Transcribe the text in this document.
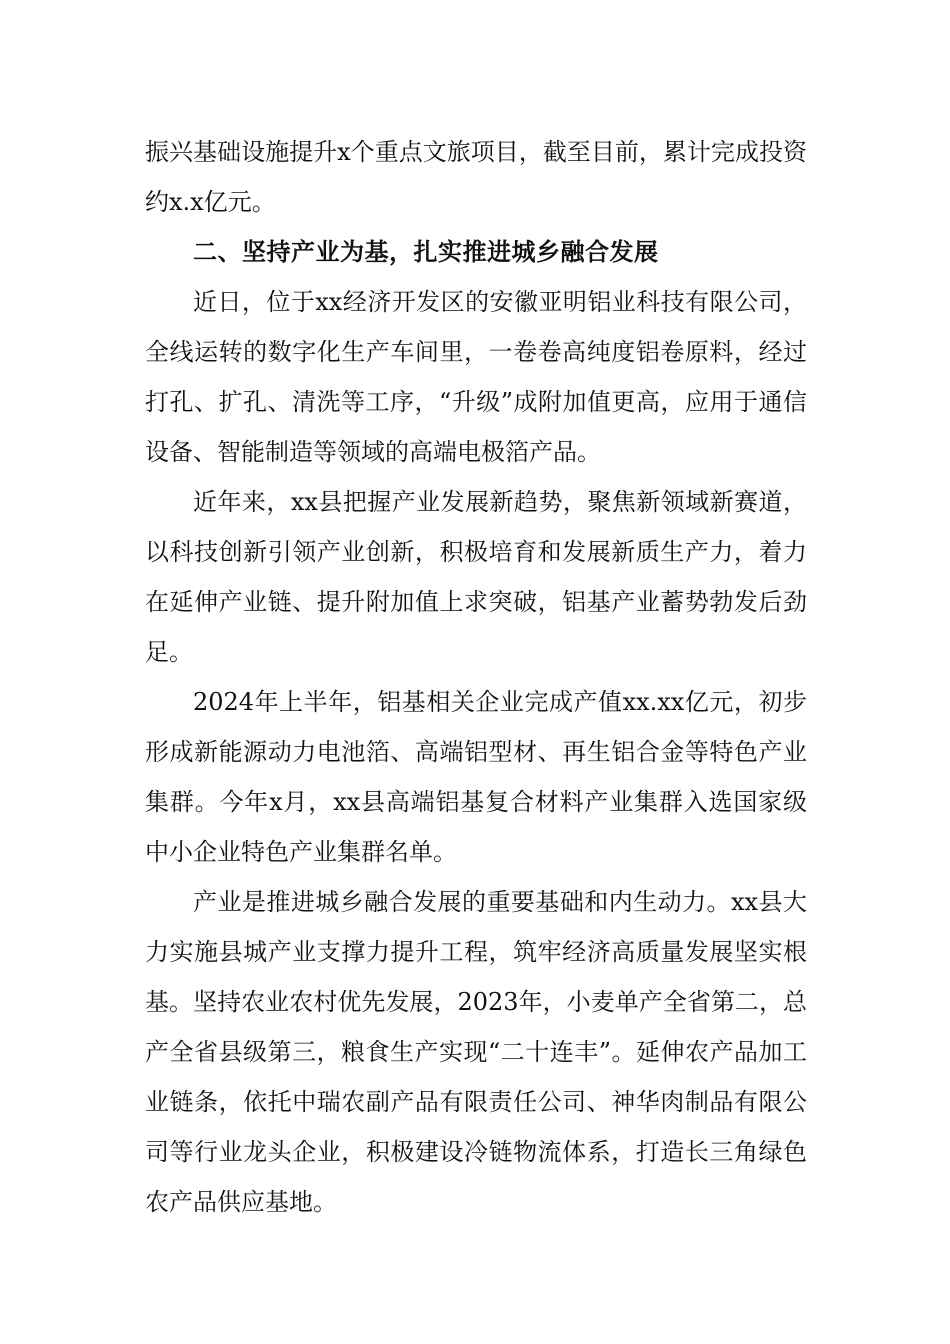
振兴基础设施提升x个重点文旅项目，截至目前，累计完成投资约x.x亿元。

二、坚持产业为基，扎实推进城乡融合发展

近日，位于xx经济开发区的安徽亚明铝业科技有限公司，全线运转的数字化生产车间里，一卷卷高纯度铝卷原料，经过打孔、扩孔、清洗等工序，“升级”成附加值更高，应用于通信设备、智能制造等领域的高端电极箔产品。

近年来，xx县把握产业发展新趋势，聚焦新领域新赛道，以科技创新引领产业创新，积极培育和发展新质生产力，着力在延伸产业链、提升附加值上求突破，铝基产业蓄势勃发后劲足。

2024年上半年，铝基相关企业完成产值xx.xx亿元，初步形成新能源动力电池箔、高端铝型材、再生铝合金等特色产业集群。今年x月，xx县高端铝基复合材料产业集群入选国家级中小企业特色产业集群名单。

产业是推进城乡融合发展的重要基础和内生动力。xx县大力实施县城产业支撑力提升工程，筑牢经济高质量发展坚实根基。坚持农业农村优先发展，2023年，小麦单产全省第二，总产全省县级第三，粮食生产实现“二十连丰”。延伸农产品加工业链条，依托中瑞农副产品有限责任公司、神华肉制品有限公司等行业龙头企业，积极建设冷链物流体系，打造长三角绿色农产品供应基地。
